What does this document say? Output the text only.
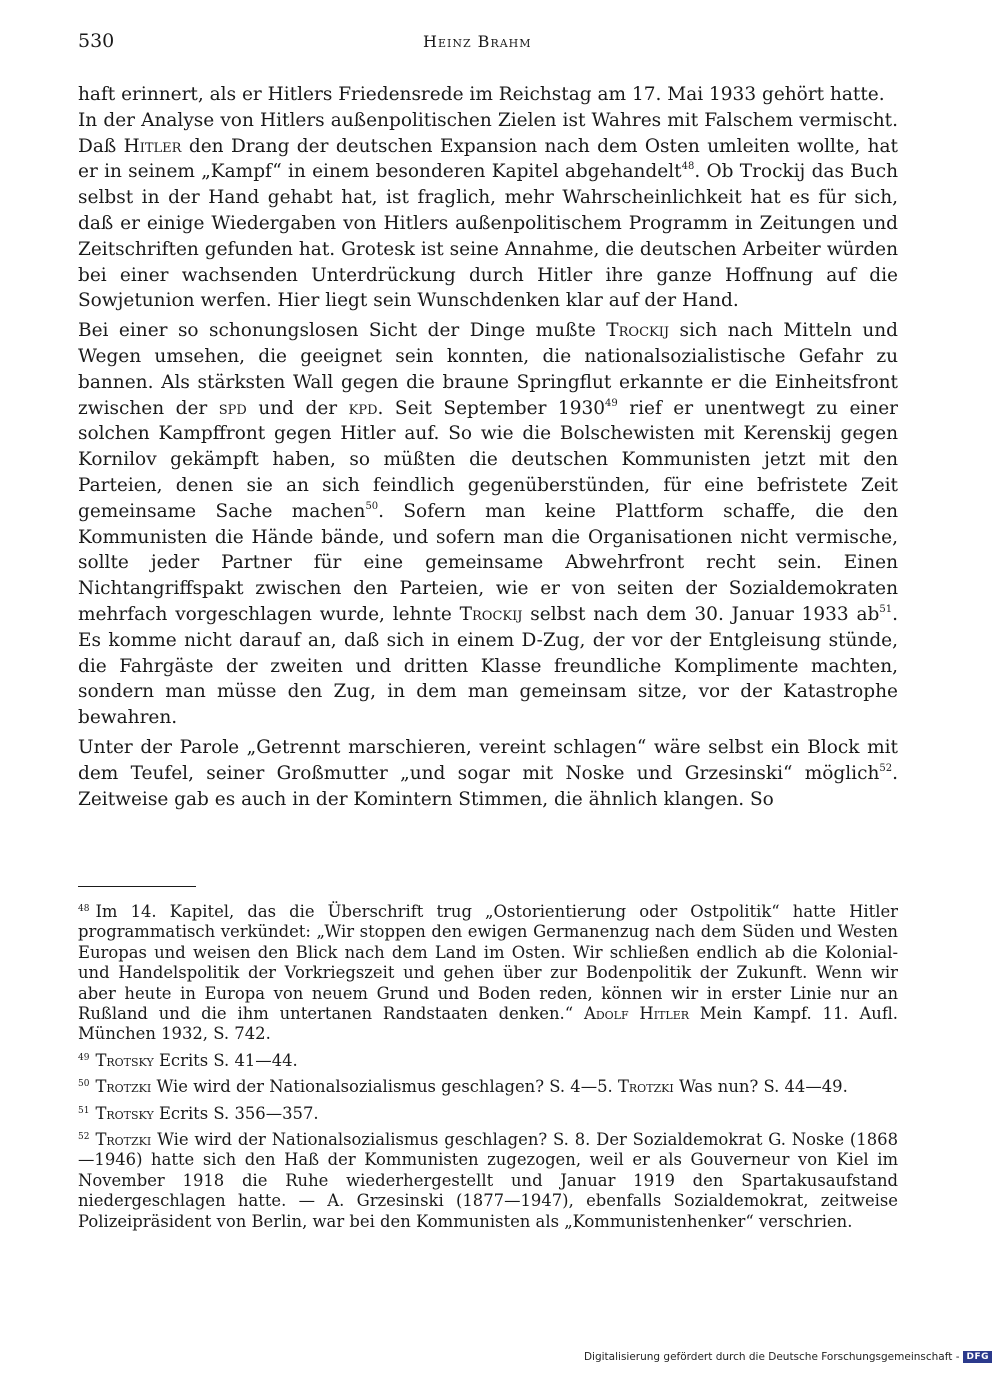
530	Heinz Brahm

haft erinnert, als er Hitlers Friedensrede im Reichstag am 17. Mai 1933 gehört hatte.

In der Analyse von Hitlers außenpolitischen Zielen ist Wahres mit Falschem vermischt. Daß Hitler den Drang der deutschen Expansion nach dem Osten umleiten wollte, hat er in seinem „Kampf“ in einem besonderen Kapitel abgehandelt$^{48}$. Ob Trockij das Buch selbst in der Hand gehabt hat, ist fraglich, mehr Wahrscheinlichkeit hat es für sich, daß er einige Wiedergaben von Hitlers außenpolitischem Programm in Zeitungen und Zeitschriften gefunden hat. Grotesk ist seine Annahme, die deutschen Arbeiter würden bei einer wachsenden Unterdrückung durch Hitler ihre ganze Hoffnung auf die Sowjetunion werfen. Hier liegt sein Wunschdenken klar auf der Hand.

Bei einer so schonungslosen Sicht der Dinge mußte Trockij sich nach Mitteln und Wegen umsehen, die geeignet sein konnten, die nationalsozialistische Gefahr zu bannen. Als stärksten Wall gegen die braune Springflut erkannte er die Einheitsfront zwischen der spd und der kpd. Seit September 1930$^{49}$ rief er unentwegt zu einer solchen Kampffront gegen Hitler auf. So wie die Bolschewisten mit Kerenskij gegen Kornilov gekämpft haben, so müßten die deutschen Kommunisten jetzt mit den Parteien, denen sie an sich feindlich gegenüberstünden, für eine befristete Zeit gemeinsame Sache machen$^{50}$. Sofern man keine Plattform schaffe, die den Kommunisten die Hände bände, und sofern man die Organisationen nicht vermische, sollte jeder Partner für eine gemeinsame Abwehrfront recht sein. Einen Nichtangriffspakt zwischen den Parteien, wie er von seiten der Sozialdemokraten mehrfach vorgeschlagen wurde, lehnte Trockij selbst nach dem 30. Januar 1933 $ab^{51}$. Es komme nicht darauf an, daß sich in einem D-Zug, der vor der Entgleisung stünde, die Fahrgäste der zweiten und dritten Klasse freundliche Komplimente machten, sondern man müsse den Zug, in dem man gemeinsam sitze, vor der Katastrophe bewahren.

Unter der Parole „Getrennt marschieren, vereint schlagen“ wäre selbst ein Block mit dem Teufel, seiner Großmutter „und sogar mit Noske und Grzesinski“ möglich$^{52}$. Zeitweise gab es auch in der Komintern Stimmen, die ähnlich klangen. So

$^{48}$ Im 14. Kapitel, das die Überschrift trug „Ostorientierung oder Ostpolitik“ hatte Hitler programmatisch verkündet: „Wir stoppen den ewigen Germanenzug nach dem Süden und Westen Europas und weisen den Blick nach dem Land im Osten. Wir schließen endlich ab die Kolonial- und Handelspolitik der Vorkriegszeit und gehen über zur Bodenpolitik der Zukunft. Wenn wir aber heute in Europa von neuem Grund und Boden reden, können wir in erster Linie nur an Rußland und die ihm untertanen Randstaaten denken.“ Adolf Hitler Mein Kampf. 11. Aufl. München 1932, S. 742.

$^{49}$ Trotsky Ecrits S. 41—44.

$^{50}$ Trotzki Wie wird der Nationalsozialismus geschlagen? S. 4—5. Trotzki Was nun? S. 44—49.

$^{51}$ Trotsky Ecrits S. 356—357.

$^{52}$ Trotzki Wie wird der Nationalsozialismus geschlagen? S. 8. Der Sozialdemokrat G. Noske (1868—1946) hatte sich den Haß der Kommunisten zugezogen, weil er als Gouverneur von Kiel im November 1918 die Ruhe wiederhergestellt und Januar 1919 den Spartakusaufstand niedergeschlagen hatte. — A. Grzesinski (1877—1947), ebenfalls Sozialdemokrat, zeitweise Polizeipräsident von Berlin, war bei den Kommunisten als „Kommunistenhenker“ verschrien.

Digitalisierung gefördert durch die Deutsche Forschungsgemeinschaft - DFG
